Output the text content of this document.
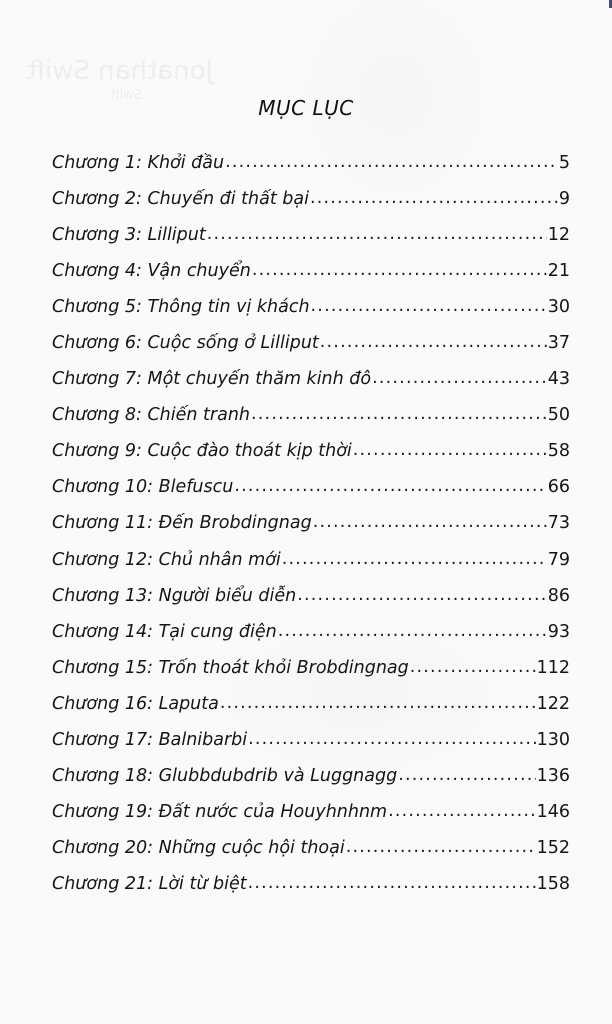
Jonathan Swift
Swift
MỤC LỤC
Chương 1: Khởi đầu .....	5
Chương 2: Chuyến đi thất bại .....	9
Chương 3: Lilliput .....	12
Chương 4: Vận chuyển .....	21
Chương 5: Thông tin vị khách .....	30
Chương 6: Cuộc sống ở Lilliput .....	37
Chương 7: Một chuyến thăm kinh đô .....	43
Chương 8: Chiến tranh .....	50
Chương 9: Cuộc đào thoát kịp thời .....	58
Chương 10: Blefuscu .....	66
Chương 11: Đến Brobdingnag .....	73
Chương 12: Chủ nhân mới .....	79
Chương 13: Người biểu diễn .....	86
Chương 14: Tại cung điện .....	93
Chương 15: Trốn thoát khỏi Brobdingnag .....	112
Chương 16: Laputa .....	122
Chương 17: Balnibarbi .....	130
Chương 18: Glubbdubdrib và Luggnagg .....	136
Chương 19: Đất nước của Houyhnhnm .....	146
Chương 20: Những cuộc hội thoại .....	152
Chương 21: Lời từ biệt .....	158
